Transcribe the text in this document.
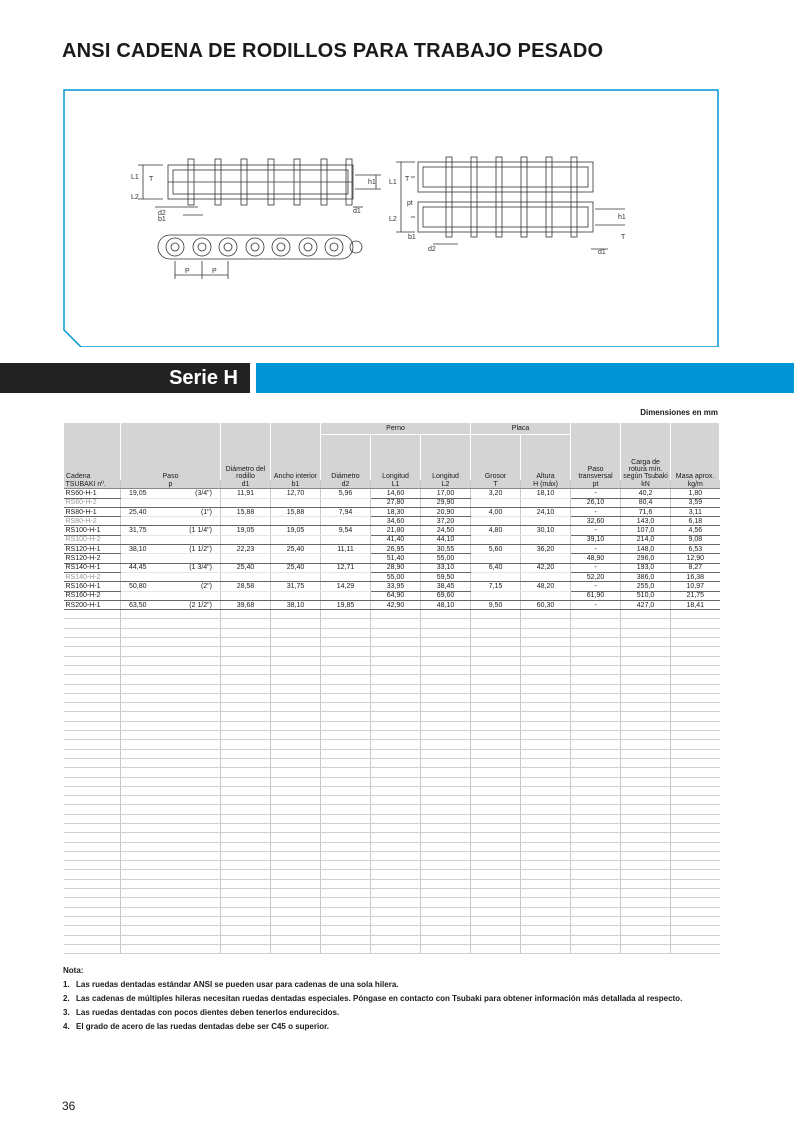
ANSI CADENA DE RODILLOS PARA TRABAJO PESADO
L1 T
L2
h1
d2
b1
d1
P	P
L1 T
pt
L2
b1
h1
d2	d1
T
Serie H
Dimensiones en mm
Cadena	Paso	Diámetro del rodillo	Ancho interior	Perno			Placa		Paso transversal	Carga de rotura mín. según Tsubaki	Masa aprox.
				Diámetro	Longitud	Longitud	Grosor	Altura			
TSUBAKI nº.	p	d1	b1	d2	L1	L2	T	H (máx)	pt	kN	kg/m
RS60-H-1	19,05 (3/4")	11,91	12,70	5,96	14,60	17,00	3,20	18,10	-	40,2	1,80
RS60-H-2					27,80	29,90			26,10	80,4	3,59
RS80-H-1	25,40 (1")	15,88	15,88	7,94	18,30	20,90	4,00	24,10	-	71,6	3,11
RS80-H-2					34,60	37,20			32,60	143,0	6,18
RS100-H-1	31,75 (1 1/4")	19,05	19,05	9,54	21,80	24,50	4,80	30,10	-	107,0	4,56
RS100-H-2					41,40	44,10			39,10	214,0	9,08
RS120-H-1	38,10 (1 1/2")	22,23	25,40	11,11	26,95	30,55	5,60	36,20	-	148,0	6,53
RS120-H-2					51,40	55,00			48,90	296,0	12,90
RS140-H-1	44,45 (1 3/4")	25,40	25,40	12,71	28,90	33,10	6,40	42,20	-	193,0	8,27
RS140-H-2					55,00	59,50			52,20	386,0	16,38
RS160-H-1	50,80 (2")	28,58	31,75	14,29	33,95	38,45	7,15	48,20	-	255,0	10,97
RS160-H-2					64,90	69,60			61,90	510,0	21,75
RS200-H-1	63,50 (2 1/2")	39,68	38,10	19,85	42,90	48,10	9,50	60,30	-	427,0	18,41

Nota:
1. Las ruedas dentadas estándar ANSI se pueden usar para cadenas de una sola hilera.
2. Las cadenas de múltiples hileras necesitan ruedas dentadas especiales. Póngase en contacto con Tsubaki para obtener información más detallada al respecto.
3. Las ruedas dentadas con pocos dientes deben tenerlos endurecidos.
4. El grado de acero de las ruedas dentadas debe ser C45 o superior.
36
